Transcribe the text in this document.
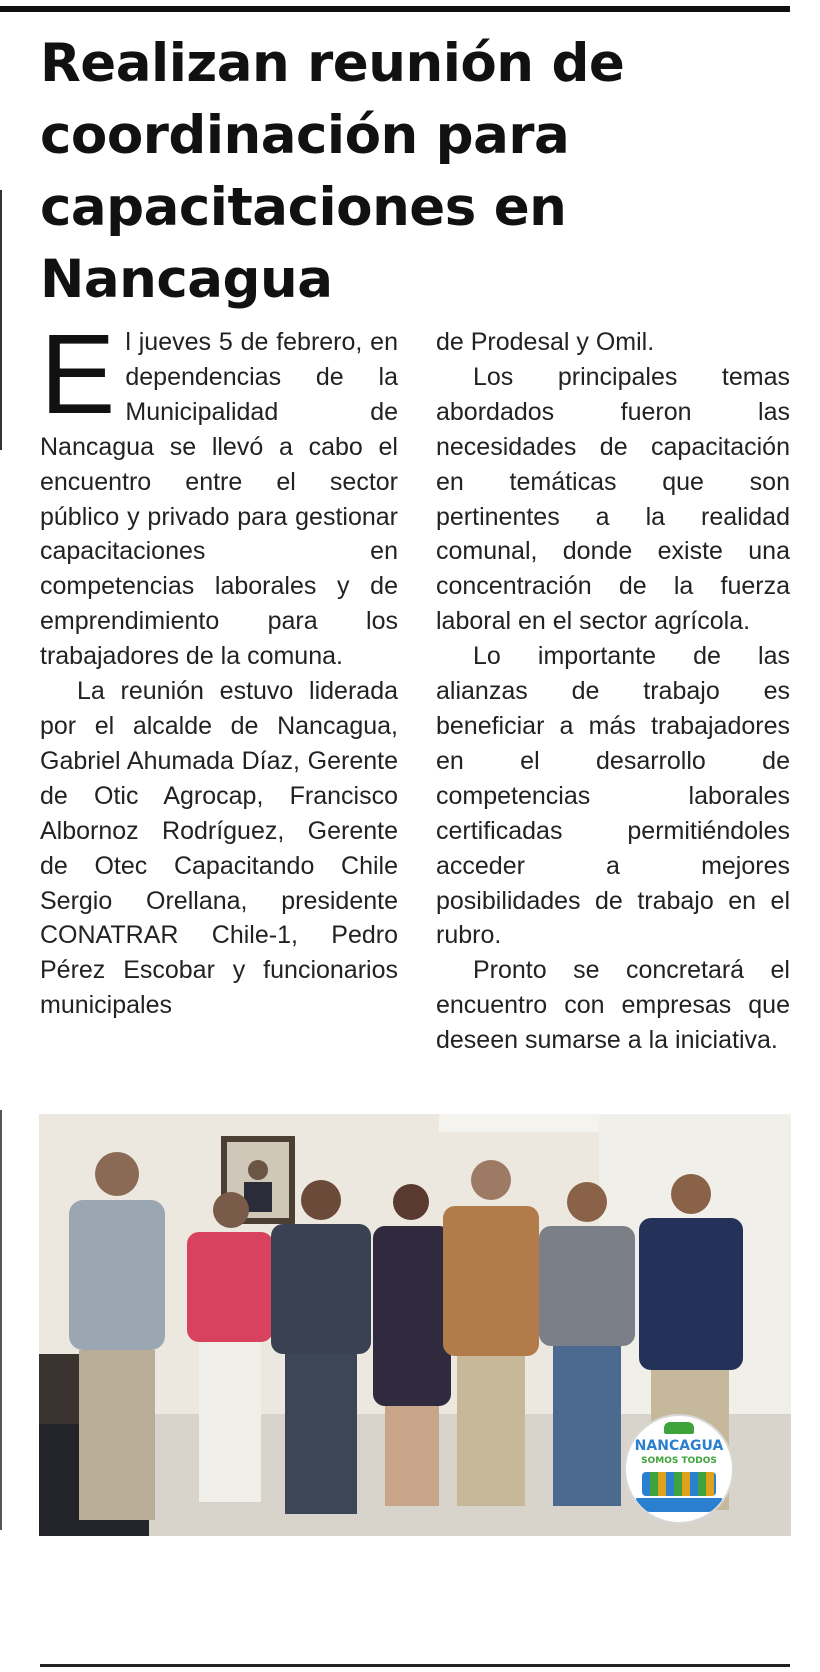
Realizan reunión de coordinación para capacitaciones en Nancagua

El jueves 5 de febrero, en dependencias de la Municipalidad de Nancagua se llevó a cabo el encuentro entre el sector público y privado para gestionar capacitaciones en competencias laborales y de emprendimiento para los trabajadores de la comuna.

La reunión estuvo liderada por el alcalde de Nancagua, Gabriel Ahumada Díaz, Gerente de Otic Agrocap, Francisco Albornoz Rodríguez, Gerente de Otec Capacitando Chile Sergio Orellana, presidente CONATRAR Chile-1, Pedro Pérez Escobar y funcionarios municipales

de Prodesal y Omil.

Los principales temas abordados fueron las necesidades de capacitación en temáticas que son pertinentes a la realidad comunal, donde existe una concentración de la fuerza laboral en el sector agrícola.

Lo importante de las alianzas de trabajo es beneficiar a más trabajadores en el desarrollo de competencias laborales certificadas permitiéndoles acceder a mejores posibilidades de trabajo en el rubro.

Pronto se concretará el encuentro con empresas que deseen sumarse a la iniciativa.

NANCAGUA
SOMOS TODOS
